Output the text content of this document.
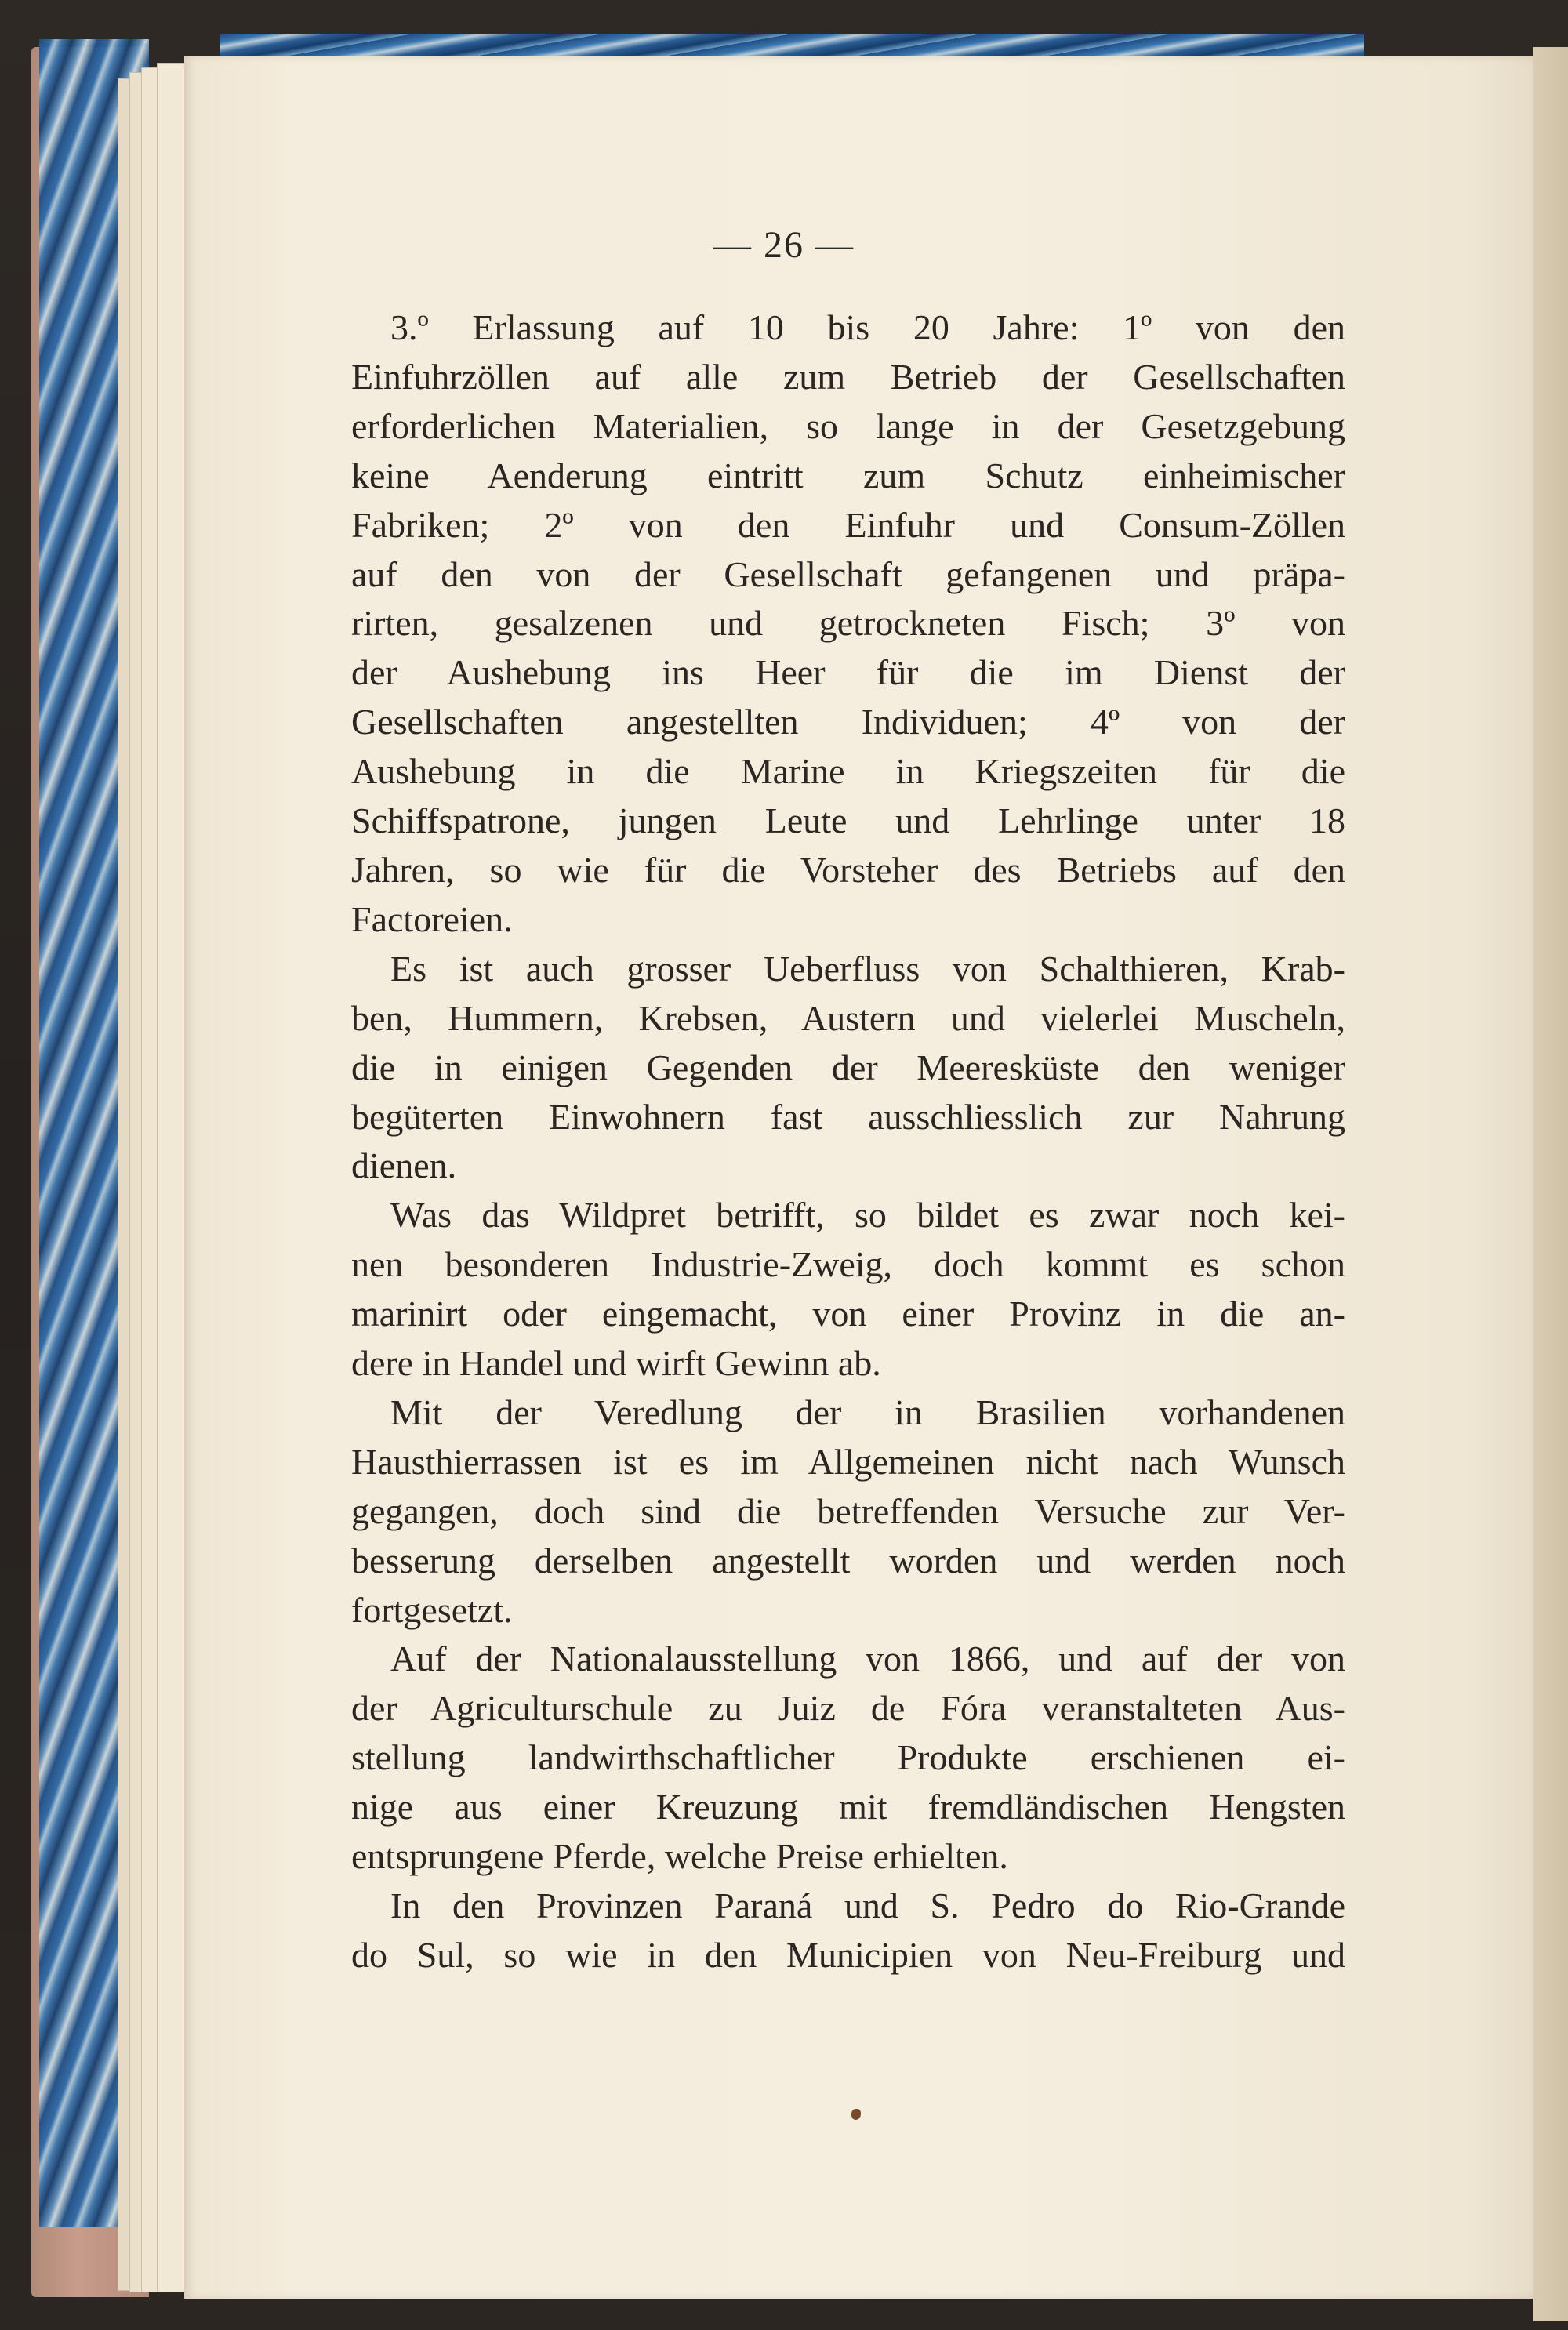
— 26 —

3.º Erlassung auf 10 bis 20 Jahre: 1º von den
Einfuhrzöllen auf alle zum Betrieb der Gesellschaften
erforderlichen Materialien, so lange in der Gesetzgebung
keine Aenderung eintritt zum Schutz einheimischer
Fabriken; 2º von den Einfuhr und Consum-Zöllen
auf den von der Gesellschaft gefangenen und präpa-
rirten, gesalzenen und getrockneten Fisch; 3º von
der Aushebung ins Heer für die im Dienst der
Gesellschaften angestellten Individuen; 4º von der
Aushebung in die Marine in Kriegszeiten für die
Schiffspatrone, jungen Leute und Lehrlinge unter 18
Jahren, so wie für die Vorsteher des Betriebs auf den
Factoreien.

Es ist auch grosser Ueberfluss von Schalthieren, Krab-
ben, Hummern, Krebsen, Austern und vielerlei Muscheln,
die in einigen Gegenden der Meeresküste den weniger
begüterten Einwohnern fast ausschliesslich zur Nahrung
dienen.

Was das Wildpret betrifft, so bildet es zwar noch kei-
nen besonderen Industrie-Zweig, doch kommt es schon
marinirt oder eingemacht, von einer Provinz in die an-
dere in Handel und wirft Gewinn ab.

Mit der Veredlung der in Brasilien vorhandenen
Hausthierrassen ist es im Allgemeinen nicht nach Wunsch
gegangen, doch sind die betreffenden Versuche zur Ver-
besserung derselben angestellt worden und werden noch
fortgesetzt.

Auf der Nationalausstellung von 1866, und auf der von
der Agriculturschule zu Juiz de Fóra veranstalteten Aus-
stellung landwirthschaftlicher Produkte erschienen ei-
nige aus einer Kreuzung mit fremdländischen Hengsten
entsprungene Pferde, welche Preise erhielten.

In den Provinzen Paraná und S. Pedro do Rio-Grande
do Sul, so wie in den Municipien von Neu-Freiburg und
